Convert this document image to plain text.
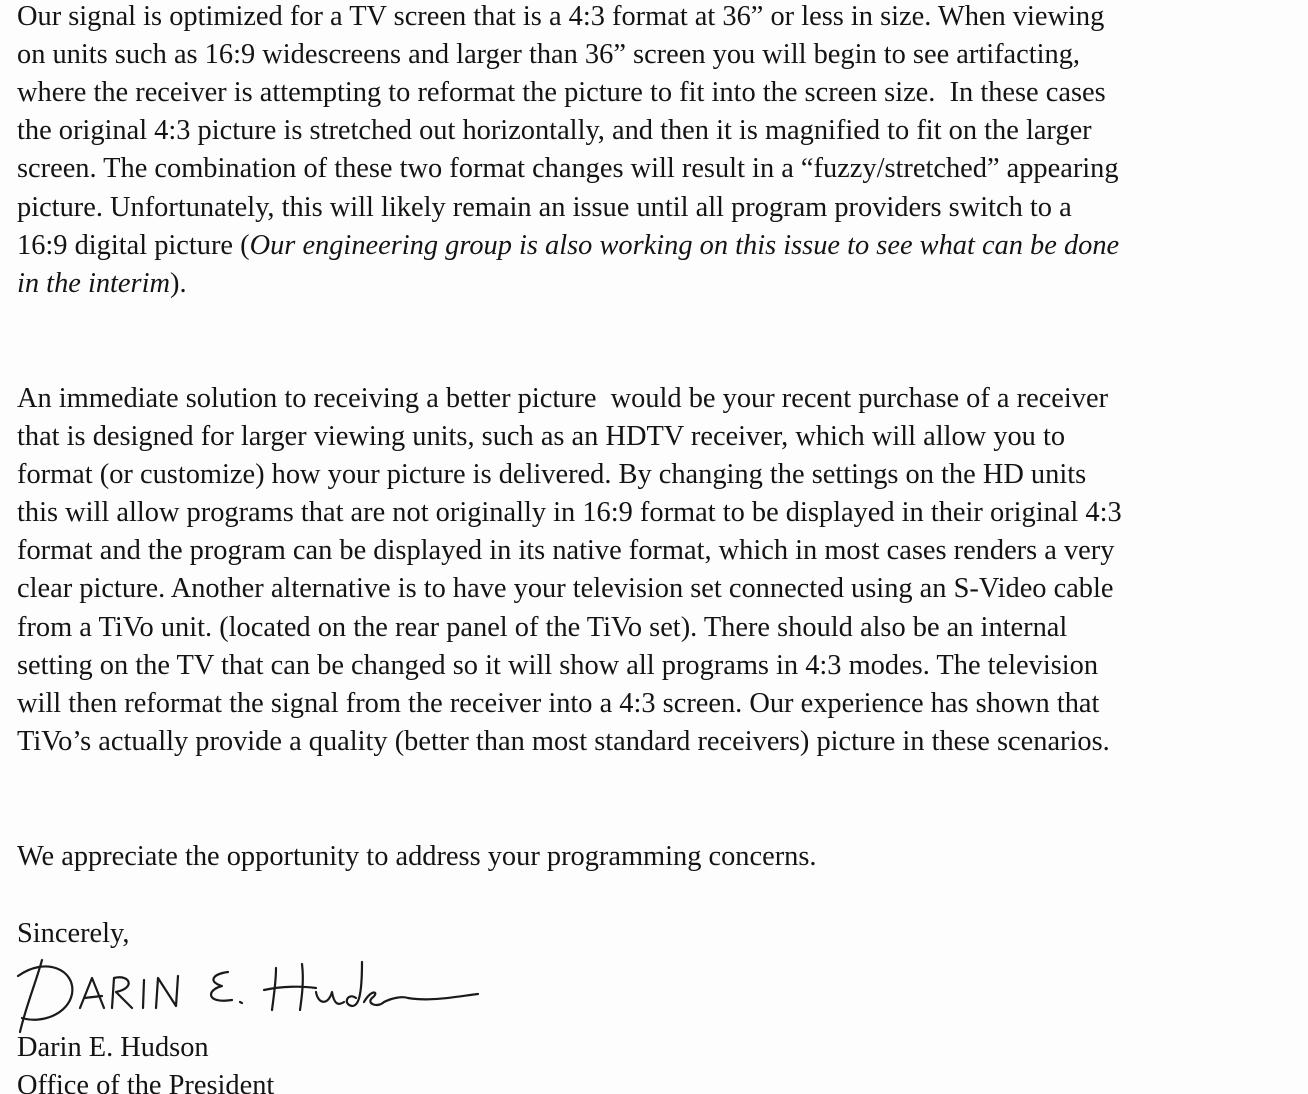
Our signal is optimized for a TV screen that is a 4:3 format at 36” or less in size. When viewing
on units such as 16:9 widescreens and larger than 36” screen you will begin to see artifacting,
where the receiver is attempting to reformat the picture to fit into the screen size.  In these cases
the original 4:3 picture is stretched out horizontally, and then it is magnified to fit on the larger
screen. The combination of these two format changes will result in a “fuzzy/stretched” appearing
picture. Unfortunately, this will likely remain an issue until all program providers switch to a
16:9 digital picture (Our engineering group is also working on this issue to see what can be done
in the interim).
An immediate solution to receiving a better picture  would be your recent purchase of a receiver
that is designed for larger viewing units, such as an HDTV receiver, which will allow you to
format (or customize) how your picture is delivered. By changing the settings on the HD units
this will allow programs that are not originally in 16:9 format to be displayed in their original 4:3
format and the program can be displayed in its native format, which in most cases renders a very
clear picture. Another alternative is to have your television set connected using an S-Video cable
from a TiVo unit. (located on the rear panel of the TiVo set). There should also be an internal
setting on the TV that can be changed so it will show all programs in 4:3 modes. The television
will then reformat the signal from the receiver into a 4:3 screen. Our experience has shown that
TiVo’s actually provide a quality (better than most standard receivers) picture in these scenarios.
We appreciate the opportunity to address your programming concerns.
Sincerely,
Darin E. Hudson
Office of the President
